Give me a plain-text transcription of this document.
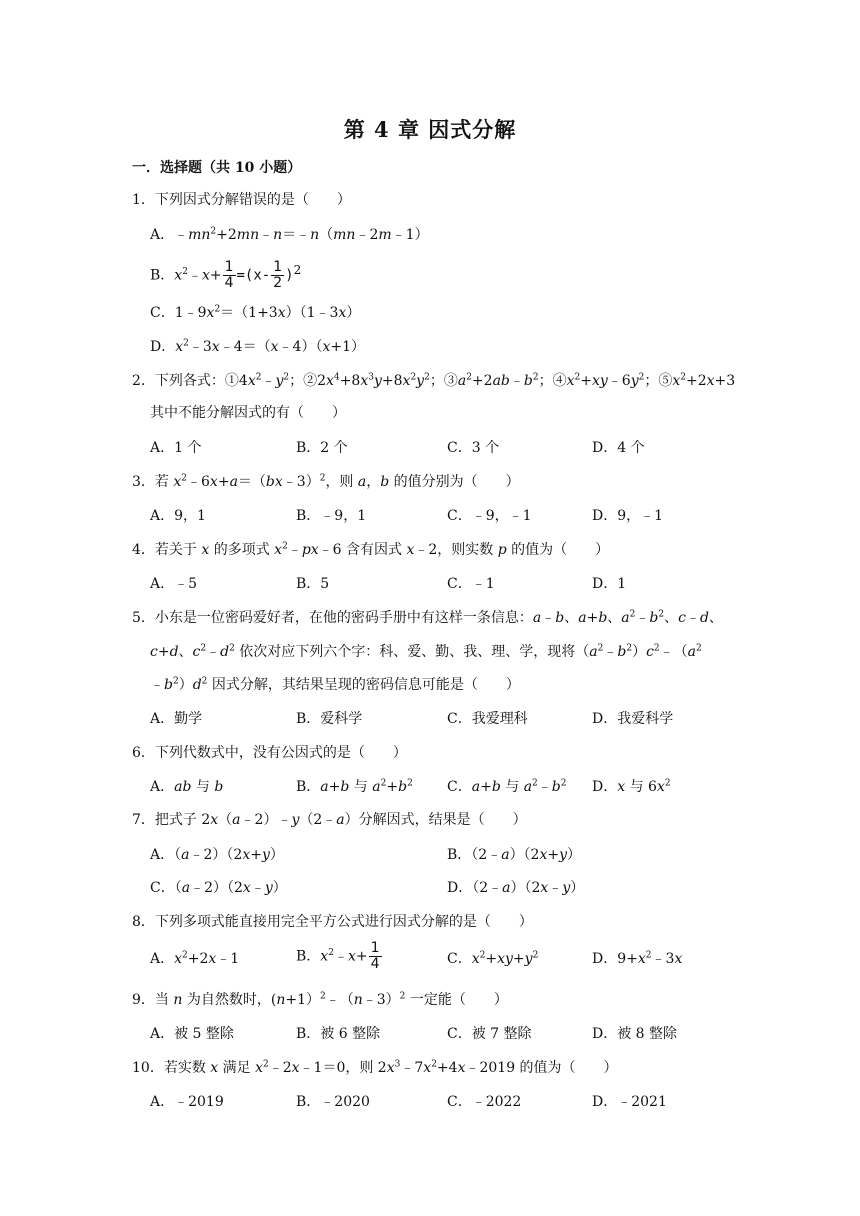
第 4 章 因式分解
一．选择题（共 10 小题）
1．下列因式分解错误的是（　　）
A．$﹣mn^2+2mn﹣n=﹣n(mn﹣2m﹣1)$
B．$x^2﹣x+ \frac{1}{4} =(x- \frac{1}{2} )^2$
C．$1﹣9x^2=(1+3x)(1﹣3x)$
D．$x^2﹣3x﹣4=(x﹣4)(x+1)$
2．下列各式：$①4x^2﹣y^2$；$②2x^4+8x^3y+8x^2y^2$；$③a^2+2ab﹣b^2$；$④x^2+xy﹣6y^2$；$⑤x^2+2x+3$
其中不能分解因式的有（　　）
A．1 个	B．2 个	C．3 个	D．4 个
3．若 $x^2﹣6x+a=(bx﹣3)^2$，则 a，b 的值分别为（　　）
A．9，1	B．﹣9，1	C．﹣9，﹣1	D．9，﹣1
4．若关于 x 的多项式 $x^2﹣px﹣6$ 含有因式 x﹣2，则实数 p 的值为（　　）
A．﹣5	B．5	C．﹣1	D．1
5．小东是一位密码爱好者，在他的密码手册中有这样一条信息：a﹣b、a+b、$a^2﹣b^2$、c﹣d、
c+d、$c^2﹣d^2$ 依次对应下列六个字：科、爱、勤、我、理、学，现将$(a^2﹣b^2)c^2﹣(a^2$
$﹣b^2)d^2$ 因式分解，其结果呈现的密码信息可能是（　　）
A．勤学	B．爱科学	C．我爱理科	D．我爱科学
6．下列代数式中，没有公因式的是（　　）
A．ab 与 b	B．a+b 与 $a^2+b^2$ C．a+b 与 $a^2﹣b^2$ D．x 与 $6x^2$
7．把式子 2x（a﹣2）﹣y（2﹣a）分解因式，结果是（　　）
A．（a﹣2）（2x+y）	B．（2﹣a）（2x+y）
C．（a﹣2）（2x﹣y）	D．（2﹣a）（2x﹣y）
8．下列多项式能直接用完全平方公式进行因式分解的是（　　）
A．$x^2+2x﹣1$	B．$x^2﹣x+ \frac{1}{4}$	C．$x^2+xy+y^2$	D．$9+x^2﹣3x$
9．当 n 为自然数时，(n+1）$^2$﹣（n﹣3）$^2$ 一定能（　　）
A．被 5 整除	B．被 6 整除	C．被 7 整除	D．被 8 整除
10．若实数 x 满足 $x^2﹣2x﹣1=0$，则 $2x^3﹣7x^2+4x﹣2019$ 的值为（　　）
A．﹣2019	B．﹣2020	C．﹣2022	D．﹣2021
